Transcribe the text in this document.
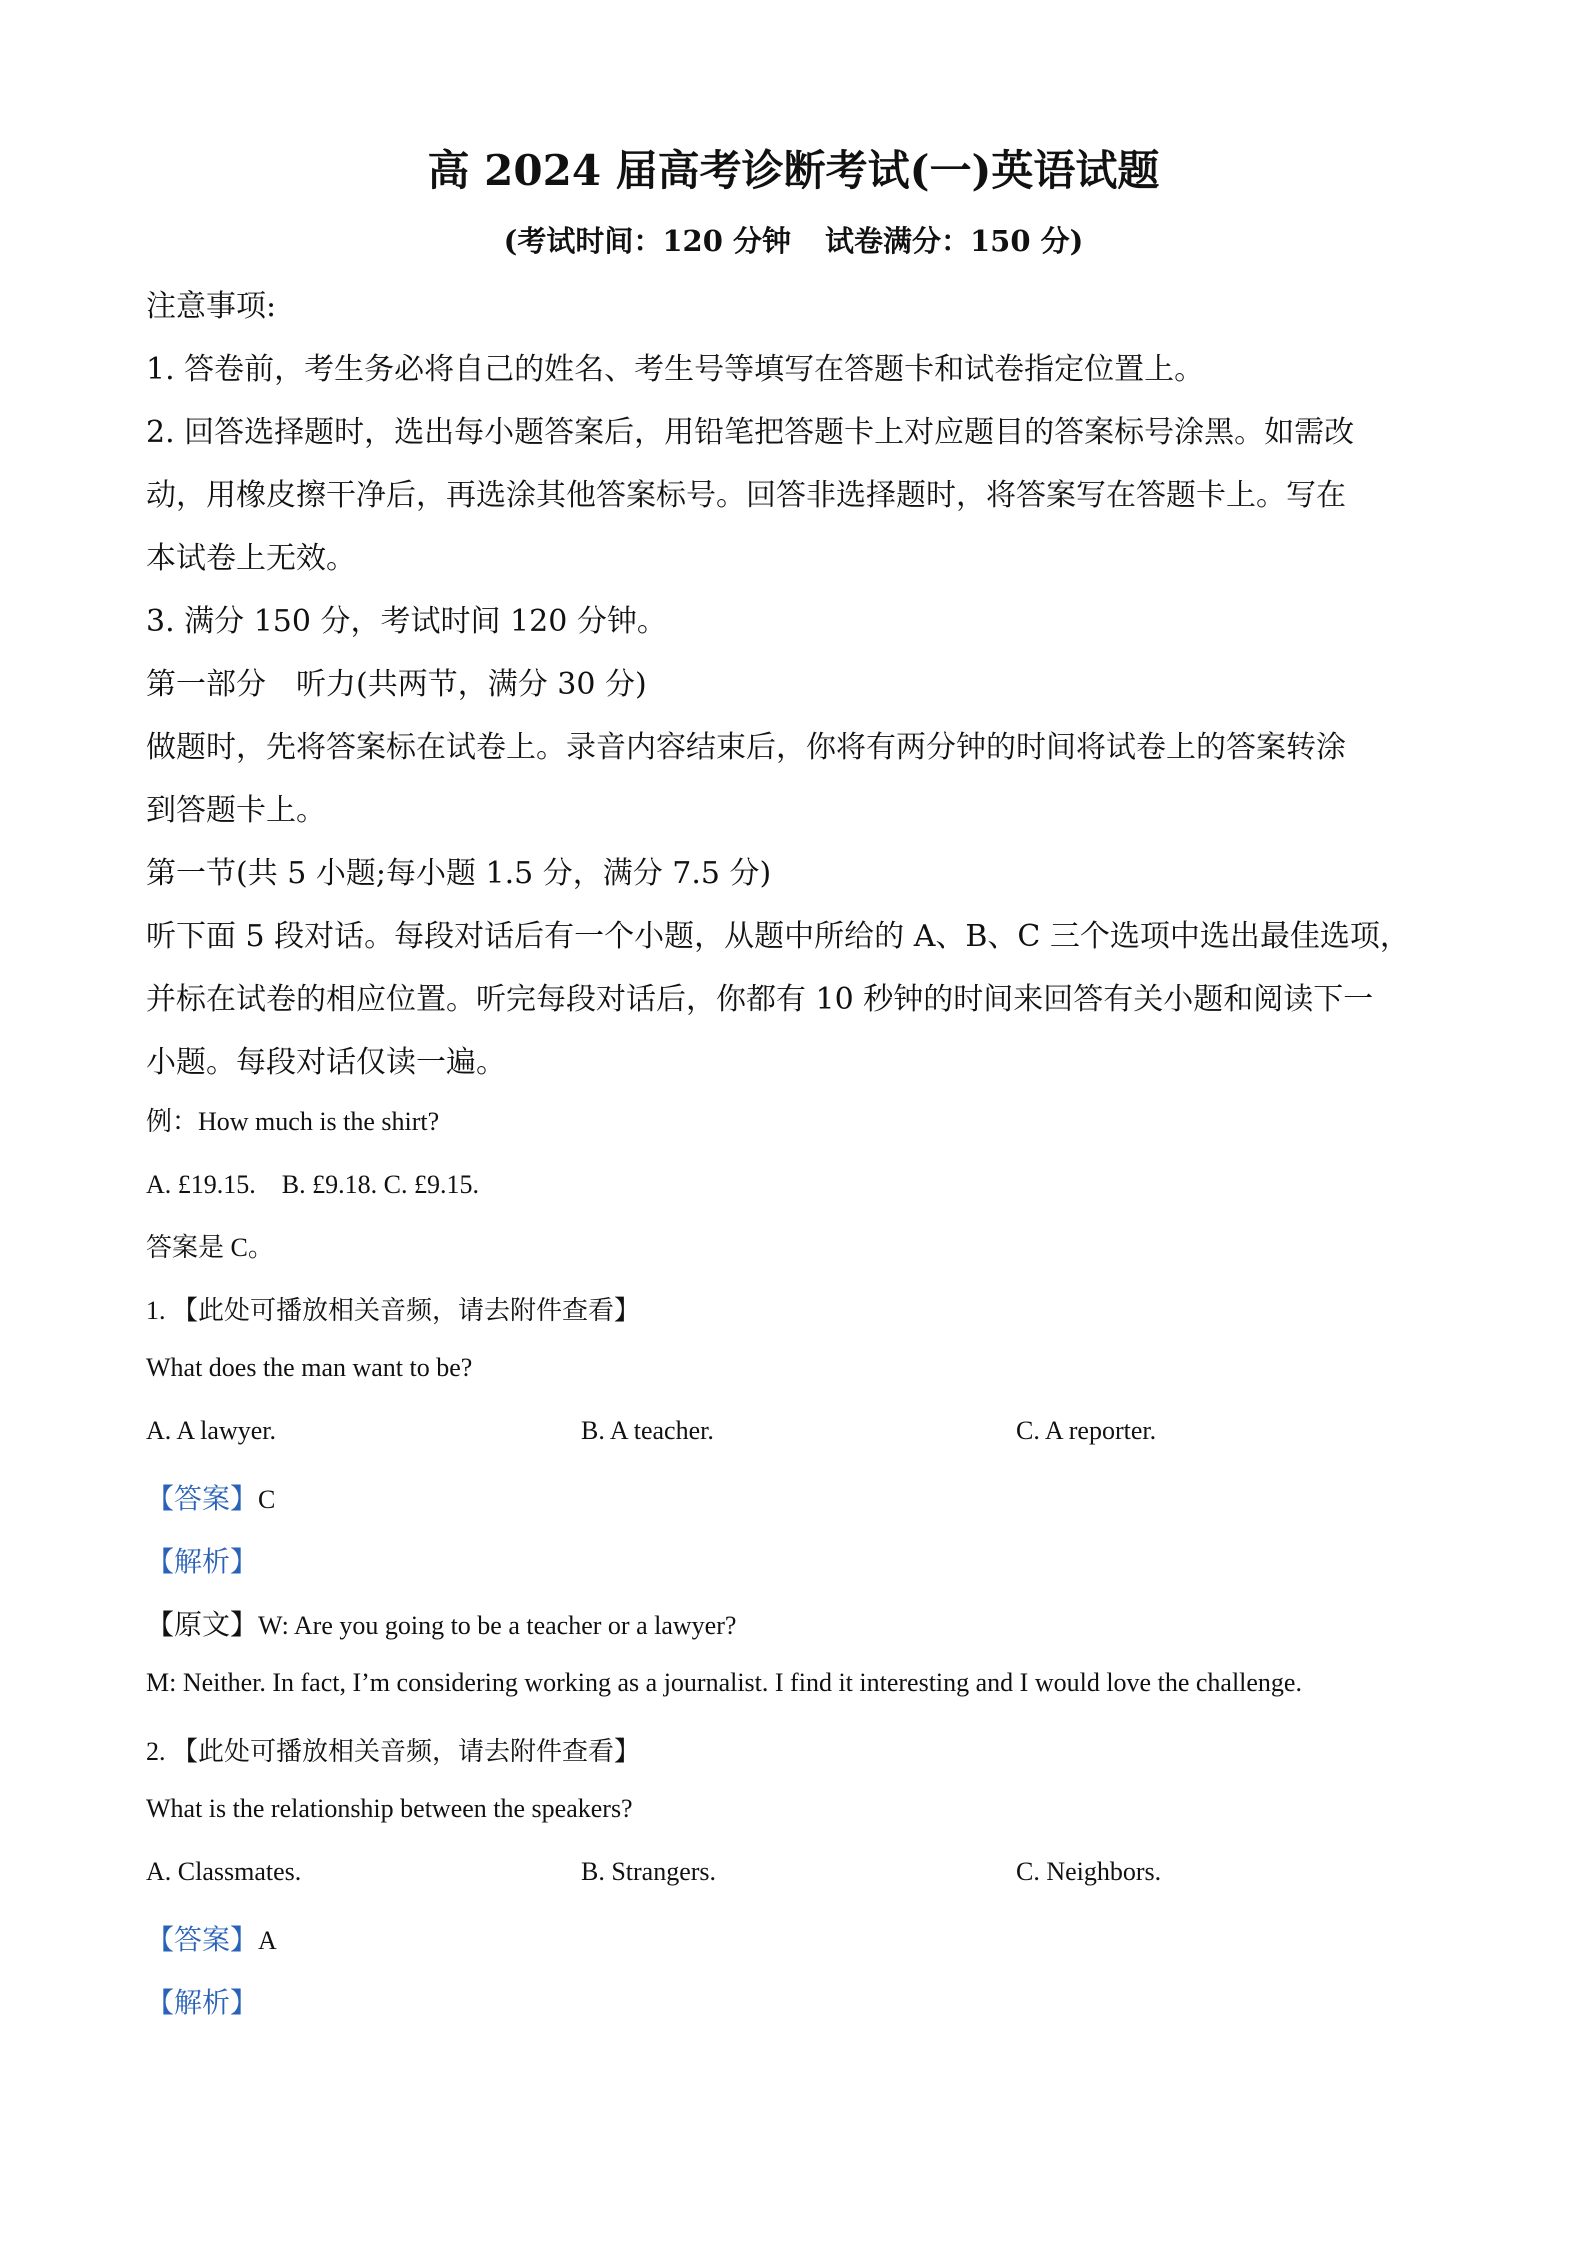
高 2024 届高考诊断考试(一)英语试题
(考试时间：120 分钟 试卷满分：150 分)
注意事项:
1. 答卷前，考生务必将自己的姓名、考生号等填写在答题卡和试卷指定位置上。
2. 回答选择题时，选出每小题答案后，用铅笔把答题卡上对应题目的答案标号涂黑。如需改
动，用橡皮擦干净后，再选涂其他答案标号。回答非选择题时，将答案写在答题卡上。写在
本试卷上无效。
3. 满分 150 分，考试时间 120 分钟。
第一部分　听力(共两节，满分 30 分)
做题时，先将答案标在试卷上。录音内容结束后，你将有两分钟的时间将试卷上的答案转涂
到答题卡上。
第一节(共 5 小题;每小题 1.5 分，满分 7.5 分)
听下面 5 段对话。每段对话后有一个小题，从题中所给的 A、B、C 三个选项中选出最佳选项，
并标在试卷的相应位置。听完每段对话后，你都有 10 秒钟的时间来回答有关小题和阅读下一
小题。每段对话仅读一遍。
例：How much is the shirt?
A. £19.15.　B. £9.18. C. £9.15.
答案是 C。
1. 【此处可播放相关音频，请去附件查看】
What does the man want to be?
A. A lawyer.	B. A teacher.	C. A reporter.
【答案】C
【解析】
【原文】W: Are you going to be a teacher or a lawyer?
M: Neither. In fact, I’m considering working as a journalist. I find it interesting and I would love the challenge.
2. 【此处可播放相关音频，请去附件查看】
What is the relationship between the speakers?
A. Classmates.	B. Strangers.	C. Neighbors.
【答案】A
【解析】
